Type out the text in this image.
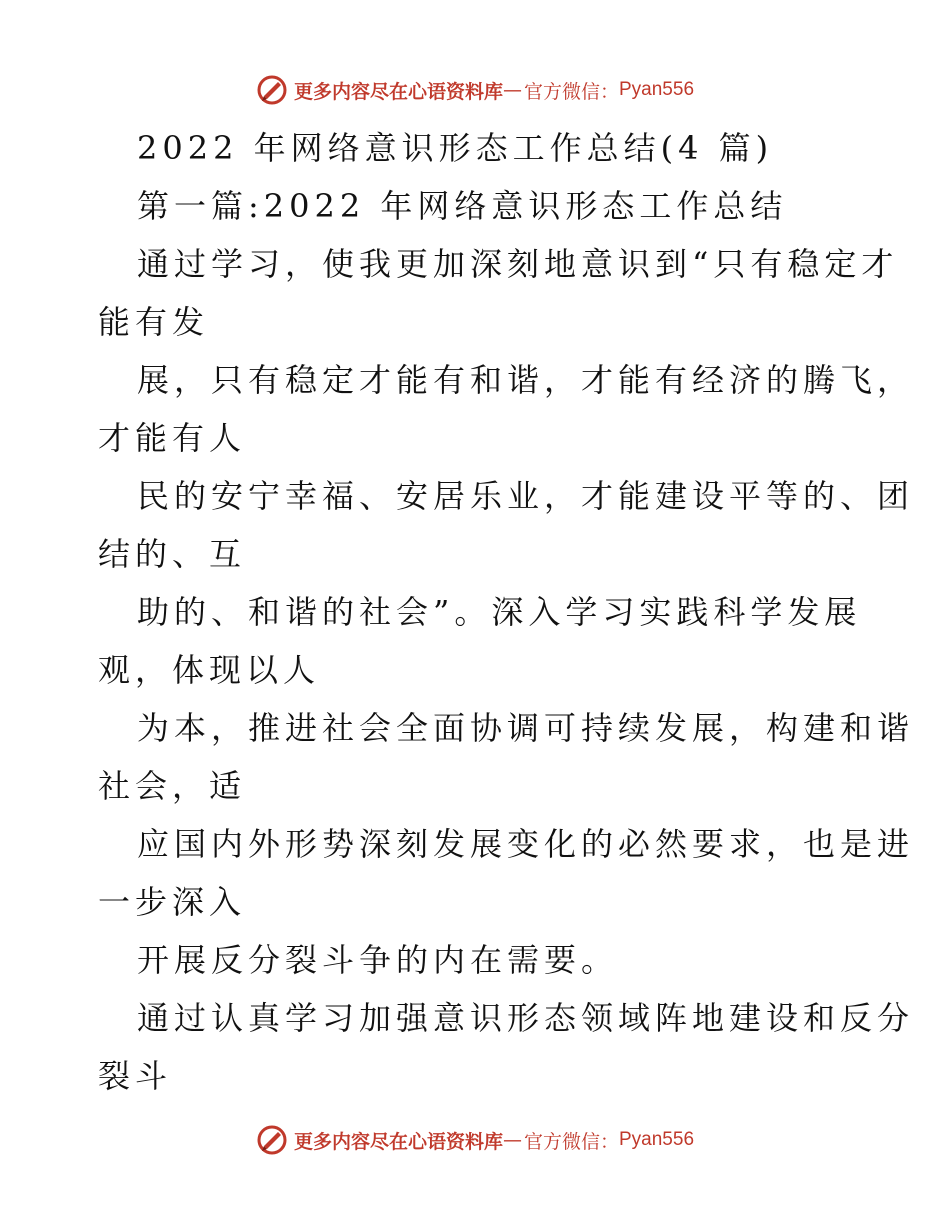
更多内容尽在心语资料库 — 官方微信： Pyan556
2022 年网络意识形态工作总结(4 篇)
第一篇:2022 年网络意识形态工作总结
通过学习，使我更加深刻地意识到“只有稳定才
能有发
展，只有稳定才能有和谐，才能有经济的腾飞，
才能有人
民的安宁幸福、安居乐业，才能建设平等的、团
结的、互
助的、和谐的社会”。深入学习实践科学发展
观，体现以人
为本，推进社会全面协调可持续发展，构建和谐
社会，适
应国内外形势深刻发展变化的必然要求，也是进
一步深入
开展反分裂斗争的内在需要。
通过认真学习加强意识形态领域阵地建设和反分
裂斗
更多内容尽在心语资料库 — 官方微信： Pyan556
